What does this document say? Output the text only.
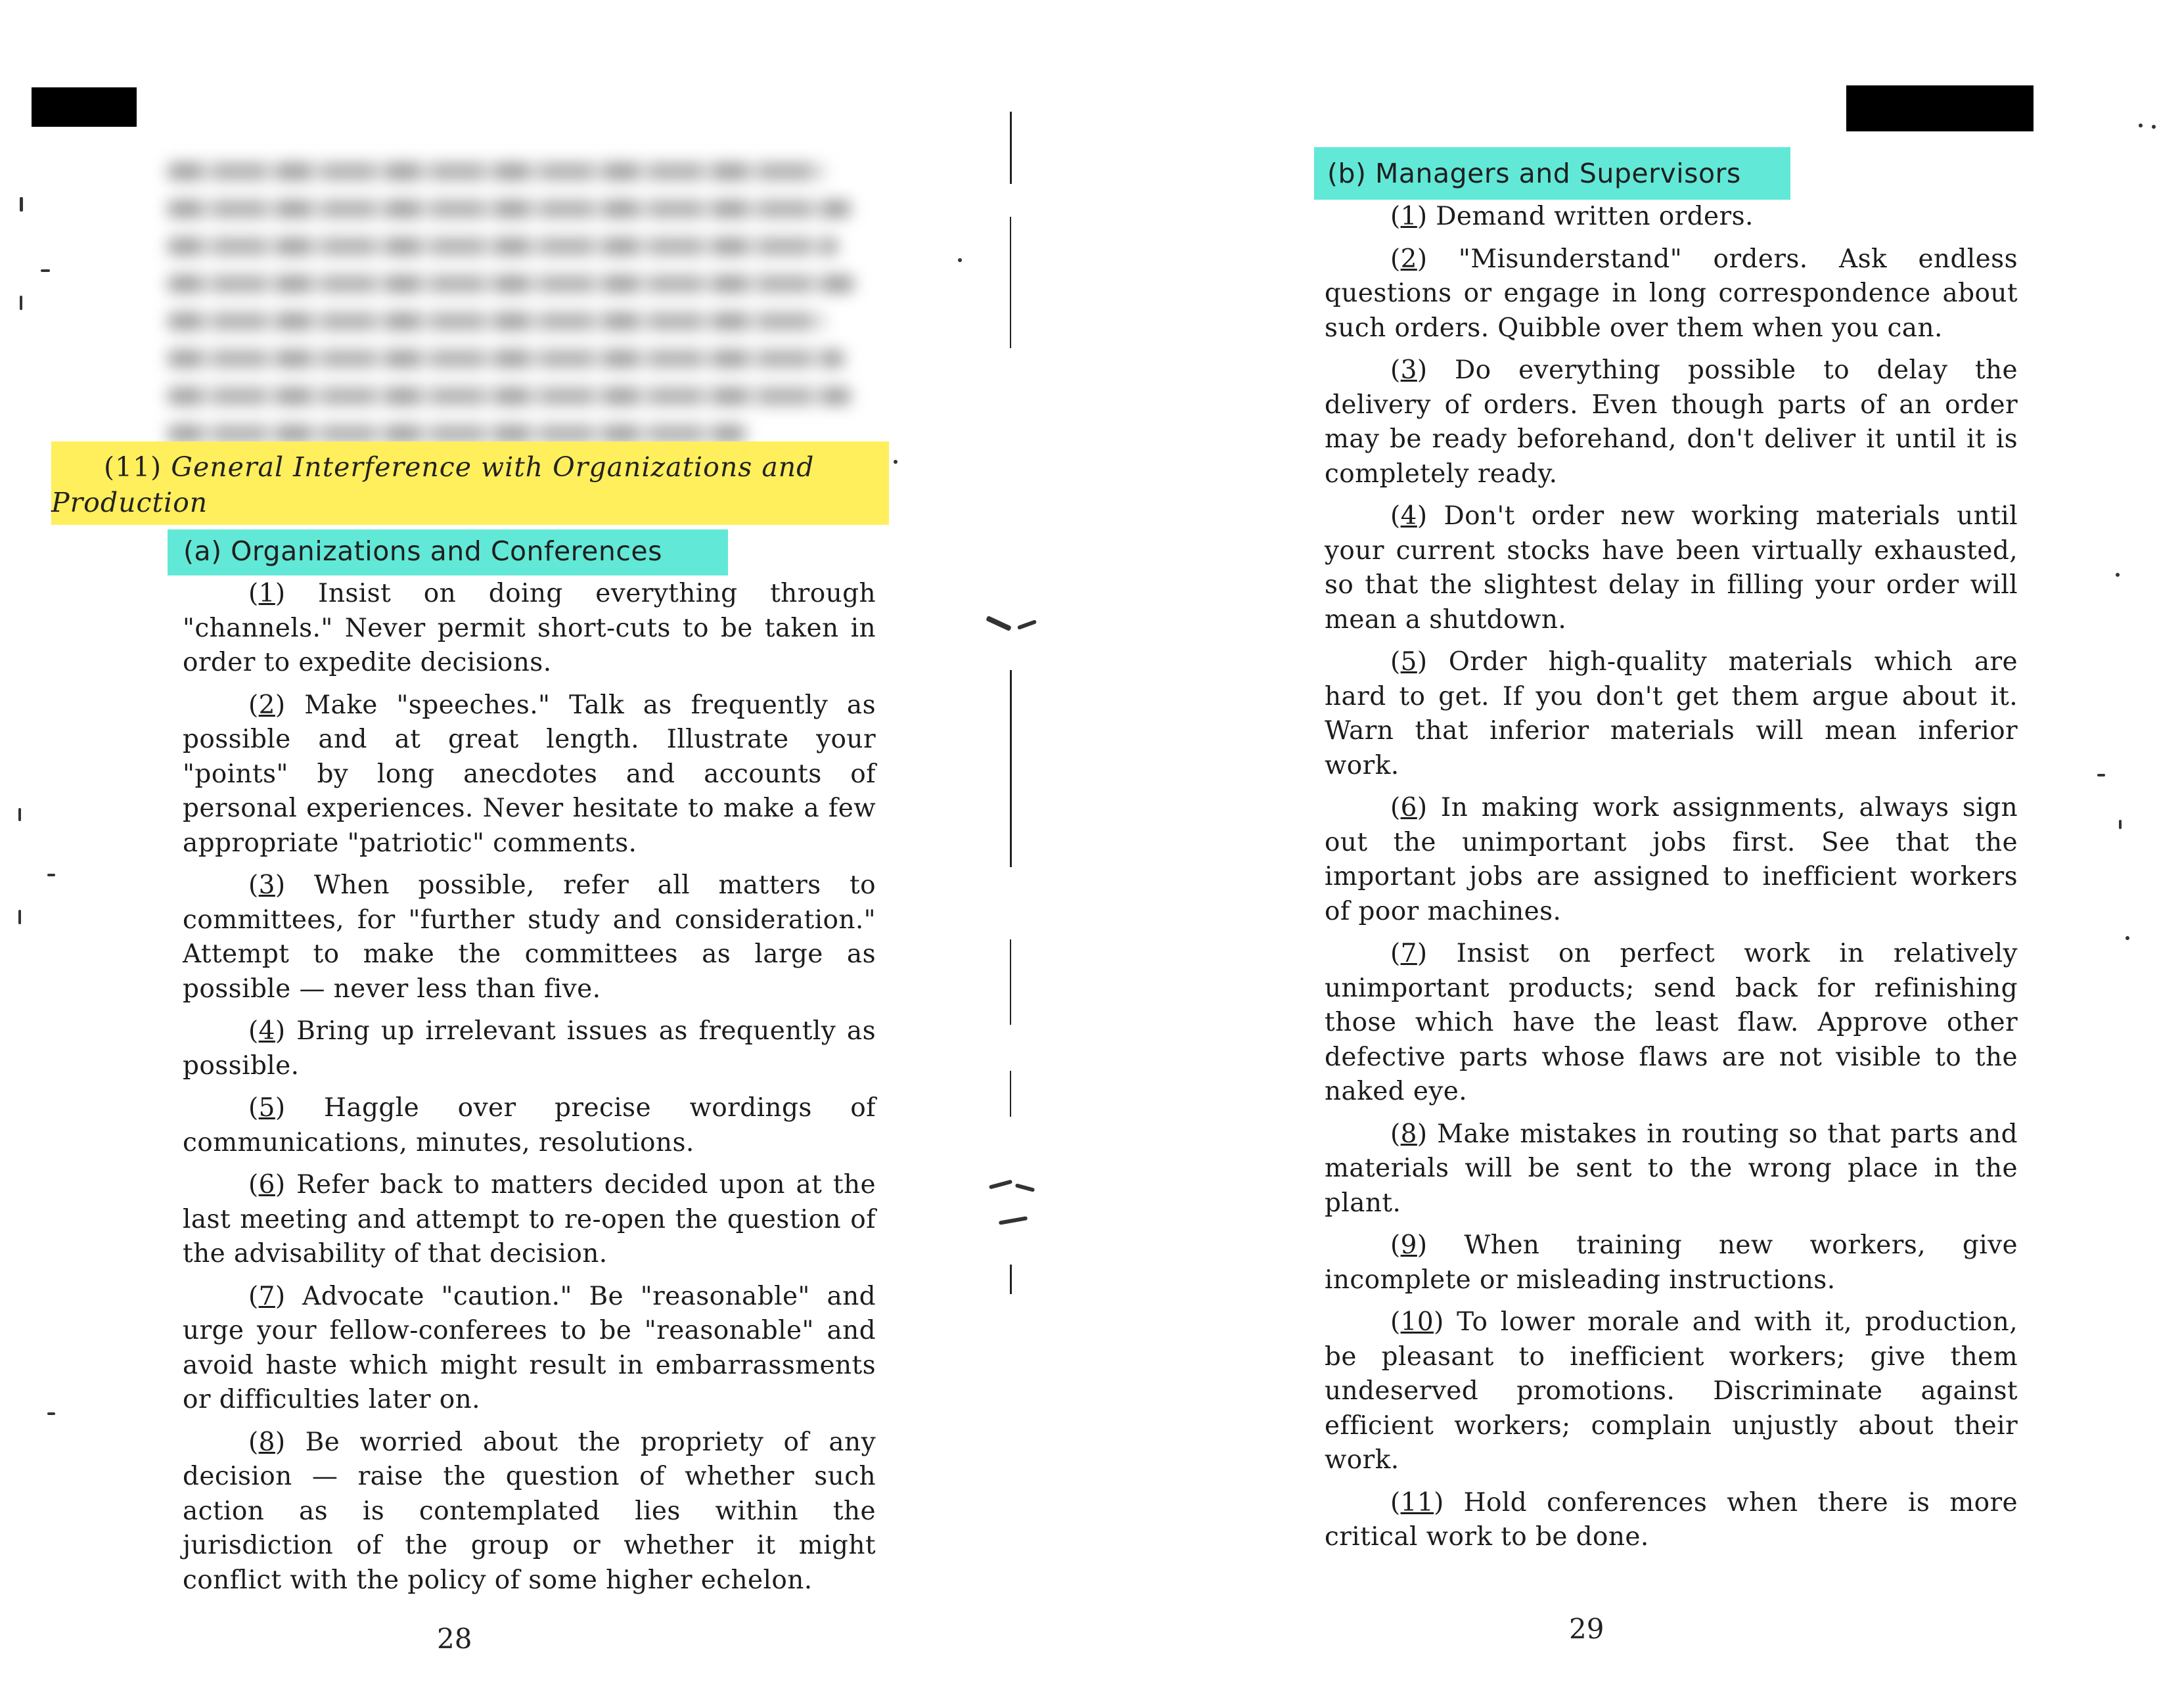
(11) General Interference with Organizations and
Production
(a) Organizations and Conferences

(1) Insist on doing everything through "channels." Never permit short-cuts to be taken in order to expedite decisions.

(2) Make "speeches." Talk as frequently as possible and at great length. Illustrate your "points" by long anecdotes and accounts of personal experiences. Never hesitate to make a few appropriate "patriotic" comments.

(3) When possible, refer all matters to committees, for "further study and consideration." Attempt to make the committees as large as possible — never less than five.

(4) Bring up irrelevant issues as frequently as possible.

(5) Haggle over precise wordings of communications, minutes, resolutions.

(6) Refer back to matters decided upon at the last meeting and attempt to re-open the question of the advisability of that decision.

(7) Advocate "caution." Be "reasonable" and urge your fellow-conferees to be "reasonable" and avoid haste which might result in embarrassments or difficulties later on.

(8) Be worried about the propriety of any decision — raise the question of whether such action as is contemplated lies within the jurisdiction of the group or whether it might conflict with the policy of some higher echelon.

28
(b) Managers and Supervisors

(1) Demand written orders.

(2) "Misunderstand" orders. Ask endless questions or engage in long correspondence about such orders. Quibble over them when you can.

(3) Do everything possible to delay the delivery of orders. Even though parts of an order may be ready beforehand, don't deliver it until it is completely ready.

(4) Don't order new working materials until your current stocks have been virtually exhausted, so that the slightest delay in filling your order will mean a shutdown.

(5) Order high-quality materials which are hard to get. If you don't get them argue about it. Warn that inferior materials will mean inferior work.

(6) In making work assignments, always sign out the unimportant jobs first. See that the important jobs are assigned to inefficient workers of poor machines.

(7) Insist on perfect work in relatively unimportant products; send back for refinishing those which have the least flaw. Approve other defective parts whose flaws are not visible to the naked eye.

(8) Make mistakes in routing so that parts and materials will be sent to the wrong place in the plant.

(9) When training new workers, give incomplete or misleading instructions.

(10) To lower morale and with it, production, be pleasant to inefficient workers; give them undeserved promotions. Discriminate against efficient workers; complain unjustly about their work.

(11) Hold conferences when there is more critical work to be done.

29
